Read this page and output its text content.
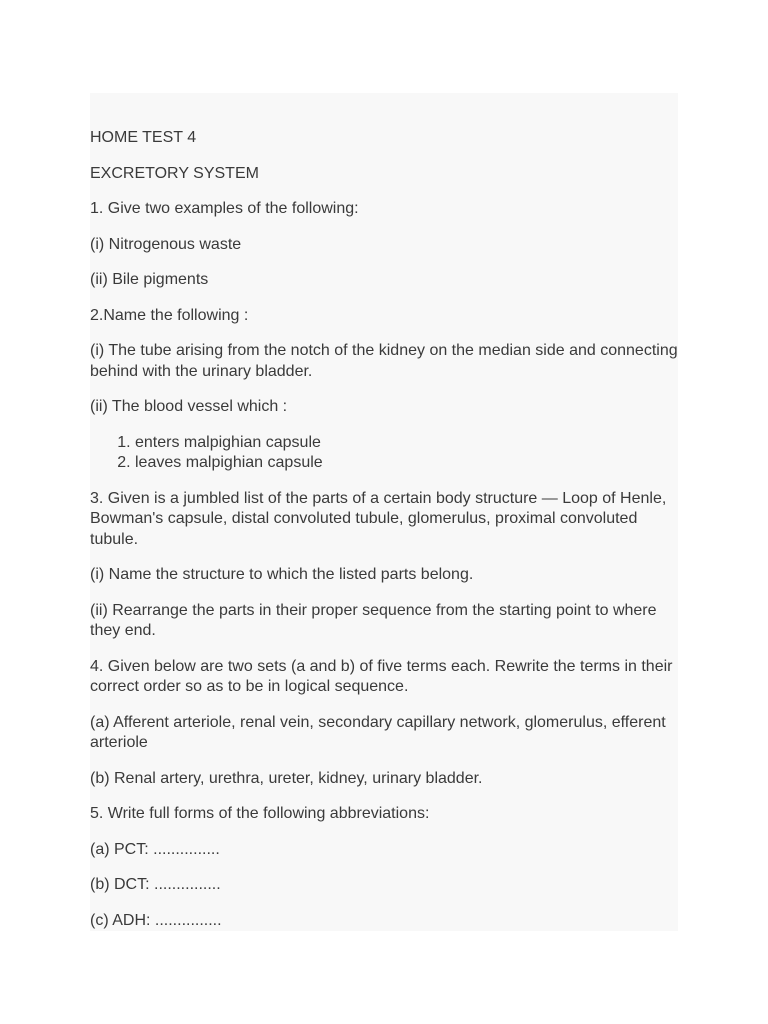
HOME TEST 4

EXCRETORY SYSTEM

1. Give two examples of the following:

(i) Nitrogenous waste

(ii) Bile pigments

2.Name the following :

(i) The tube arising from the notch of the kidney on the median side and connecting behind with the urinary bladder.

(ii) The blood vessel which :

1. enters malpighian capsule
2. leaves malpighian capsule

3. Given is a jumbled list of the parts of a certain body structure — Loop of Henle, Bowman's capsule, distal convoluted tubule, glomerulus, proximal convoluted tubule.

(i) Name the structure to which the listed parts belong.

(ii) Rearrange the parts in their proper sequence from the starting point to where they end.

4. Given below are two sets (a and b) of five terms each. Rewrite the terms in their correct order so as to be in logical sequence.

(a) Afferent arteriole, renal vein, secondary capillary network, glomerulus, efferent arteriole

(b) Renal artery, urethra, ureter, kidney, urinary bladder.

5. Write full forms of the following abbreviations:

(a) PCT: ...............

(b) DCT: ...............

(c) ADH: ...............
